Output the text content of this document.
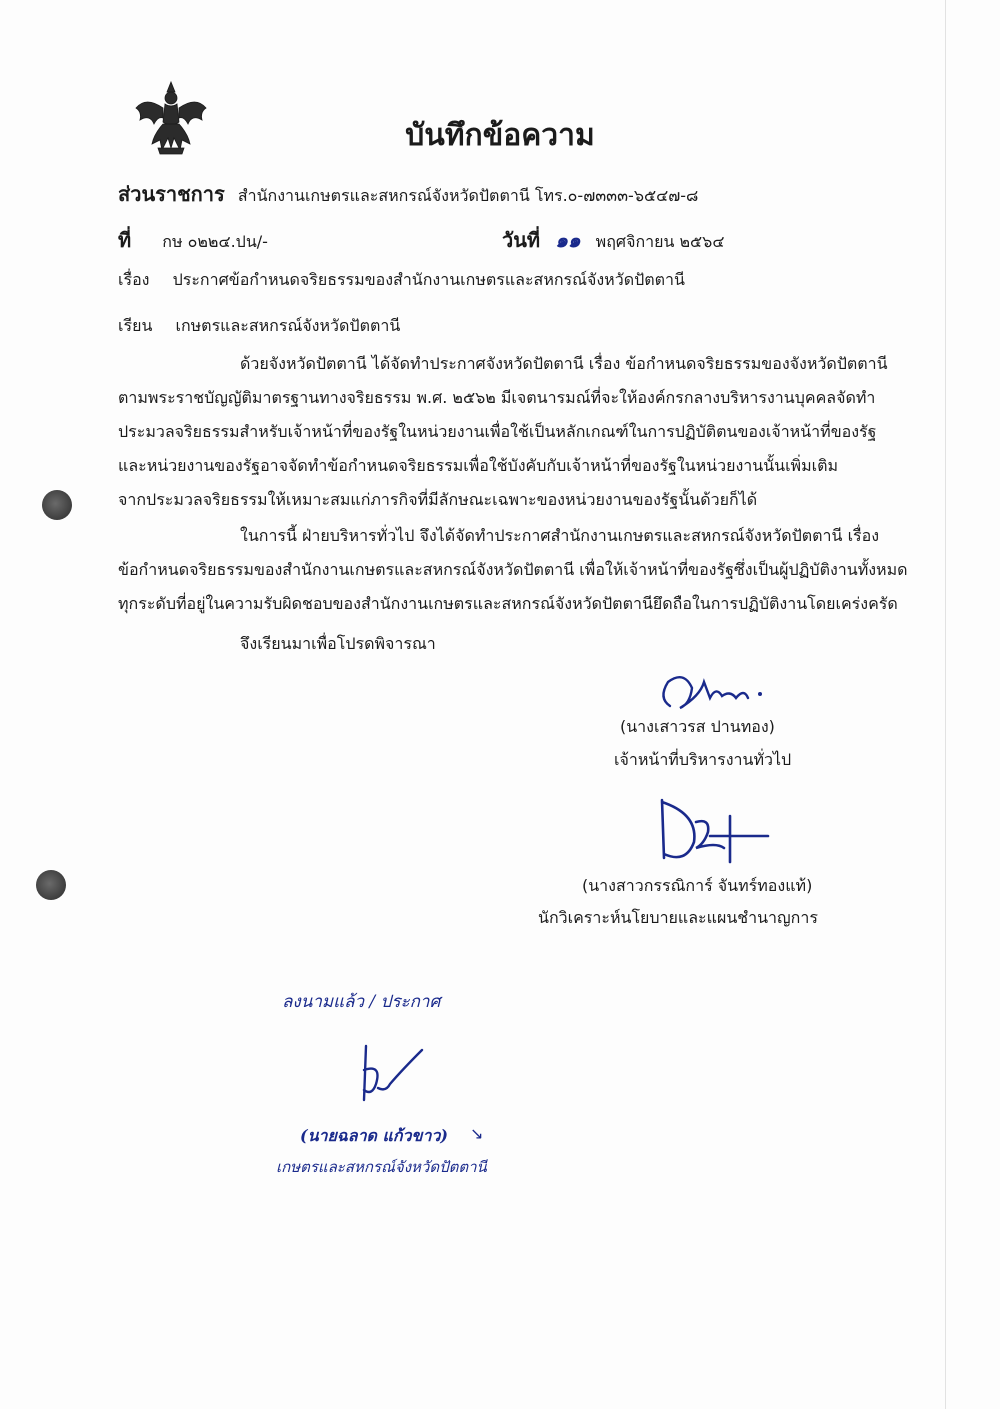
บันทึกข้อความ
ส่วนราชการ สำนักงานเกษตรและสหกรณ์จังหวัดปัตตานี โทร.๐-๗๓๓๓-๖๕๔๗-๘
ที่ กษ ๐๒๒๔.ปน/-	วันที่ ๑๑ พฤศจิกายน ๒๕๖๔
เรื่อง ประกาศข้อกำหนดจริยธรรมของสำนักงานเกษตรและสหกรณ์จังหวัดปัตตานี
เรียน เกษตรและสหกรณ์จังหวัดปัตตานี
ด้วยจังหวัดปัตตานี ได้จัดทำประกาศจังหวัดปัตตานี เรื่อง ข้อกำหนดจริยธรรมของจังหวัดปัตตานี
ตามพระราชบัญญัติมาตรฐานทางจริยธรรม พ.ศ. ๒๕๖๒ มีเจตนารมณ์ที่จะให้องค์กรกลางบริหารงานบุคคลจัดทำ
ประมวลจริยธรรมสำหรับเจ้าหน้าที่ของรัฐในหน่วยงานเพื่อใช้เป็นหลักเกณฑ์ในการปฏิบัติตนของเจ้าหน้าที่ของรัฐ
และหน่วยงานของรัฐอาจจัดทำข้อกำหนดจริยธรรมเพื่อใช้บังคับกับเจ้าหน้าที่ของรัฐในหน่วยงานนั้นเพิ่มเติม
จากประมวลจริยธรรมให้เหมาะสมแก่ภารกิจที่มีลักษณะเฉพาะของหน่วยงานของรัฐนั้นด้วยก็ได้
ในการนี้ ฝ่ายบริหารทั่วไป จึงได้จัดทำประกาศสำนักงานเกษตรและสหกรณ์จังหวัดปัตตานี เรื่อง
ข้อกำหนดจริยธรรมของสำนักงานเกษตรและสหกรณ์จังหวัดปัตตานี เพื่อให้เจ้าหน้าที่ของรัฐซึ่งเป็นผู้ปฏิบัติงานทั้งหมด
ทุกระดับที่อยู่ในความรับผิดชอบของสำนักงานเกษตรและสหกรณ์จังหวัดปัตตานียึดถือในการปฏิบัติงานโดยเคร่งครัด
จึงเรียนมาเพื่อโปรดพิจารณา
(นางเสาวรส ปานทอง)
เจ้าหน้าที่บริหารงานทั่วไป
(นางสาวกรรณิการ์ จันทร์ทองแท้)
นักวิเคราะห์นโยบายและแผนชำนาญการ
ลงนามแล้ว / ประกาศ
(นายฉลาด แก้วขาว) ↘
เกษตรและสหกรณ์จังหวัดปัตตานี
